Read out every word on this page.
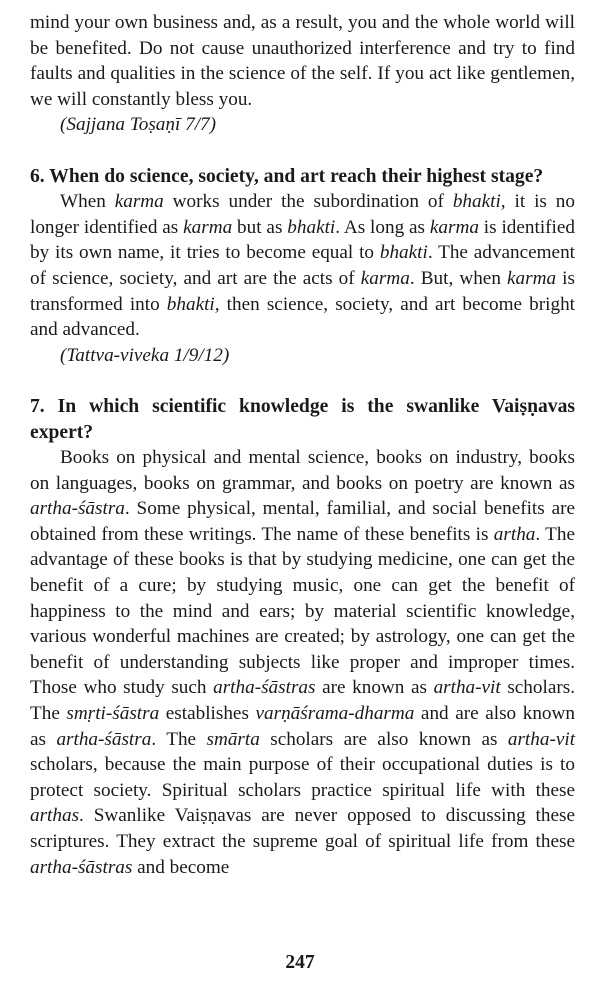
mind your own business and, as a result, you and the whole world will be benefited. Do not cause unauthorized interference and try to find faults and qualities in the science of the self. If you act like gentlemen, we will constantly bless you.

(Sajjana Toṣaṇī 7/7)

6. When do science, society, and art reach their highest stage?

When karma works under the subordination of bhakti, it is no longer identified as karma but as bhakti. As long as karma is identified by its own name, it tries to become equal to bhakti. The advancement of science, society, and art are the acts of karma. But, when karma is transformed into bhakti, then science, society, and art become bright and advanced.

(Tattva-viveka 1/9/12)

7. In which scientific knowledge is the swanlike Vaiṣṇavas expert?

Books on physical and mental science, books on industry, books on languages, books on grammar, and books on poetry are known as artha-śāstra. Some physical, mental, familial, and social benefits are obtained from these writings. The name of these benefits is artha. The advantage of these books is that by studying medicine, one can get the benefit of a cure; by studying music, one can get the benefit of happiness to the mind and ears; by material scientific knowledge, various wonderful machines are created; by astrology, one can get the benefit of understanding subjects like proper and improper times. Those who study such artha-śāstras are known as artha-vit scholars. The smṛti-śāstra establishes varṇāśrama-dharma and are also known as artha-śāstra. The smārta scholars are also known as artha-vit scholars, because the main purpose of their occupational duties is to protect society. Spiritual scholars practice spiritual life with these arthas. Swanlike Vaiṣṇavas are never opposed to discussing these scriptures. They extract the supreme goal of spiritual life from these artha-śāstras and become

247
